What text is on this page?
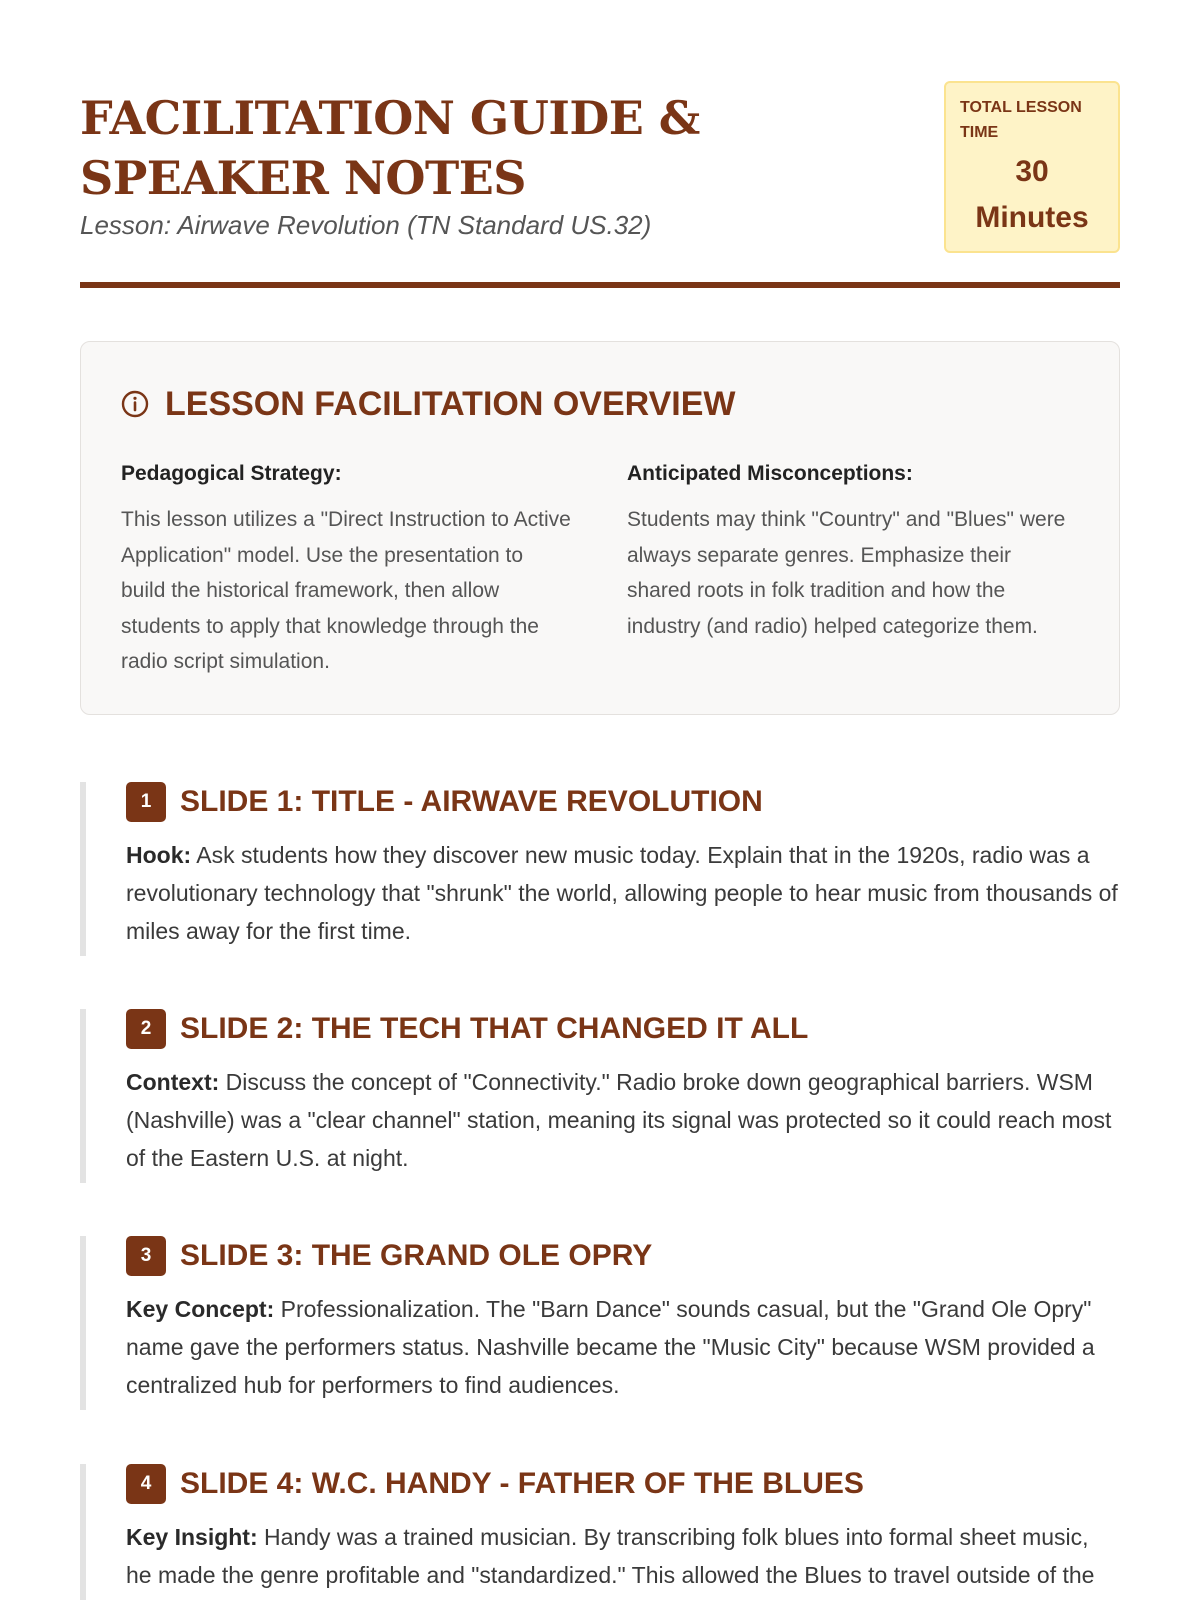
FACILITATION GUIDE & SPEAKER NOTES

Lesson: Airwave Revolution (TN Standard US.32)

TOTAL LESSON TIME
30 Minutes
LESSON FACILITATION OVERVIEW
Pedagogical Strategy:

This lesson utilizes a "Direct Instruction to Active Application" model. Use the presentation to build the historical framework, then allow students to apply that knowledge through the radio script simulation.

Anticipated Misconceptions:

Students may think "Country" and "Blues" were always separate genres. Emphasize their shared roots in folk tradition and how the industry (and radio) helped categorize them.

1 SLIDE 1: TITLE - AIRWAVE REVOLUTION

Hook: Ask students how they discover new music today. Explain that in the 1920s, radio was a revolutionary technology that "shrunk" the world, allowing people to hear music from thousands of miles away for the first time.

2 SLIDE 2: THE TECH THAT CHANGED IT ALL

Context: Discuss the concept of "Connectivity." Radio broke down geographical barriers. WSM (Nashville) was a "clear channel" station, meaning its signal was protected so it could reach most of the Eastern U.S. at night.

3 SLIDE 3: THE GRAND OLE OPRY

Key Concept: Professionalization. The "Barn Dance" sounds casual, but the "Grand Ole Opry" name gave the performers status. Nashville became the "Music City" because WSM provided a centralized hub for performers to find audiences.

4 SLIDE 4: W.C. HANDY - FATHER OF THE BLUES

Key Insight: Handy was a trained musician. By transcribing folk blues into formal sheet music, he made the genre profitable and "standardized." This allowed the Blues to travel outside of the
